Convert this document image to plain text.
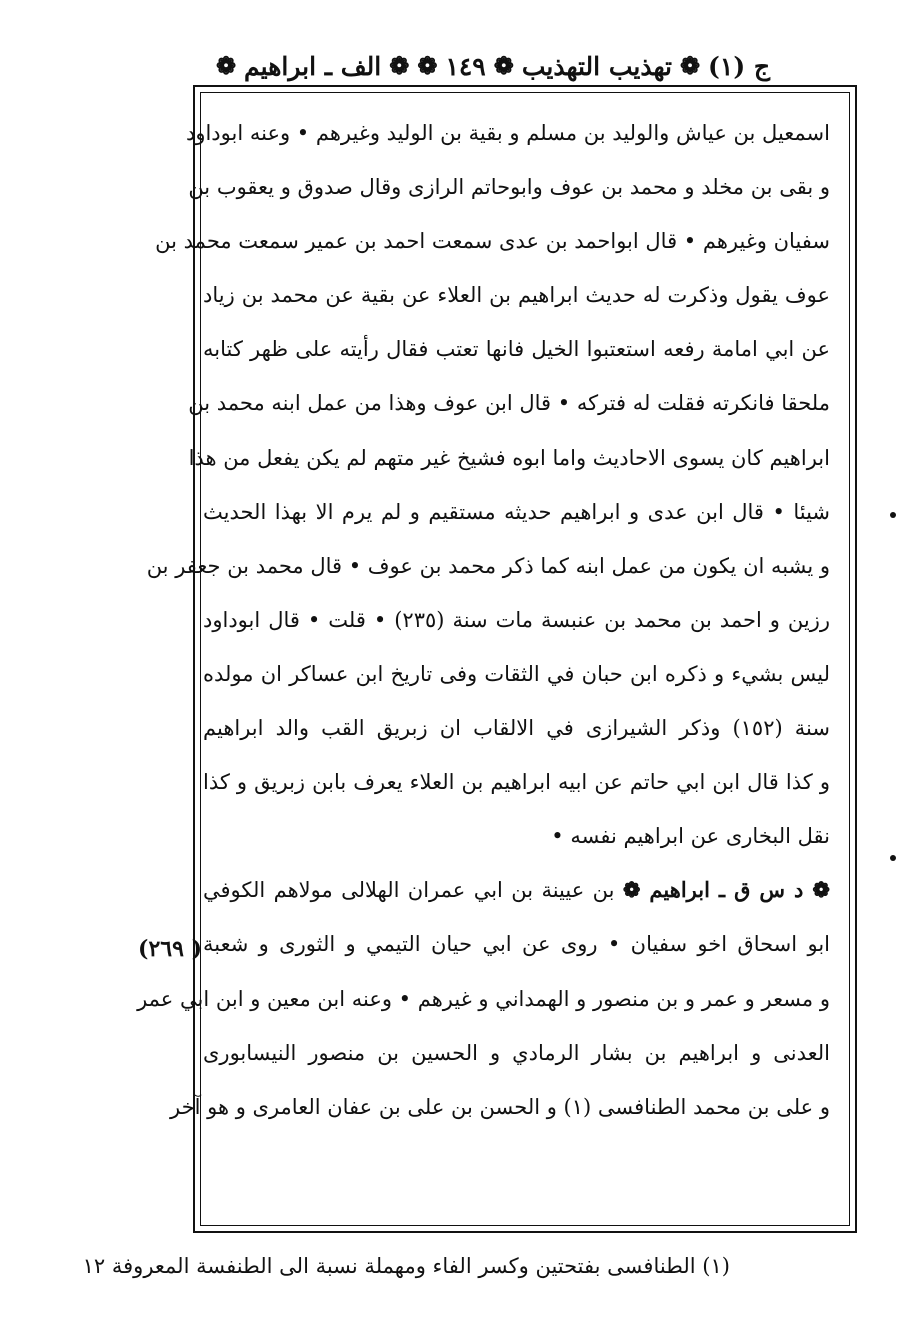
ج (١)
❁
تهذيب التهذيب
❁
١٤٩
❁
❁
الف ـ ابراهيم
❁
اسمعيل بن عياش والوليد بن مسلم و بقية بن الوليد وغيرهم • وعنه ابوداود
و بقى بن مخلد و محمد بن عوف وابوحاتم الرازى وقال صدوق و يعقوب بن
سفيان وغيرهم • قال ابواحمد بن عدى سمعت احمد بن عمير سمعت محمد بن
عوف يقول وذكرت له حديث ابراهيم بن العلاء عن بقية عن محمد بن زياد
عن ابي امامة رفعه استعتبوا الخيل فانها تعتب فقال رأيته على ظهر كتابه
ملحقا فانكرته فقلت له فتركه • قال ابن عوف وهذا من عمل ابنه محمد بن
ابراهيم كان يسوى الاحاديث واما ابوه فشيخ غير متهم لم يكن يفعل من هذا
شيئا • قال ابن عدى و ابراهيم حديثه مستقيم و لم يرم الا بهذا الحديث
و يشبه ان يكون من عمل ابنه كما ذكر محمد بن عوف • قال محمد بن جعفر بن
رزين و احمد بن محمد بن عنبسة مات سنة (٢٣٥) • قلت • قال ابوداود
ليس بشيء و ذكره ابن حبان في الثقات وفى تاريخ ابن عساكر ان مولده
سنة (١٥٢) وذكر الشيرازى في الالقاب ان زبريق القب والد ابراهيم
و كذا قال ابن ابي حاتم عن ابيه ابراهيم بن العلاء يعرف بابن زبريق و كذا
نقل البخارى عن ابراهيم نفسه •
❁ د س ق ـ ابراهيم ❁ بن عيينة بن ابي عمران الهلالى مولاهم الكوفي
ابو اسحاق اخو سفيان • روى عن ابي حيان التيمي و الثورى و شعبة
و مسعر و عمر و بن منصور و الهمداني و غيرهم • وعنه ابن معين و ابن ابي عمر
العدنى و ابراهيم بن بشار الرمادي و الحسين بن منصور النيسابورى
و على بن محمد الطنافسى (١) و الحسن بن على بن عفان العامرى و هو آخر
( ٢٦٩)
(١) الطنافسى بفتحتين وكسر الفاء ومهملة نسبة الى الطنفسة المعروفة ١٢
